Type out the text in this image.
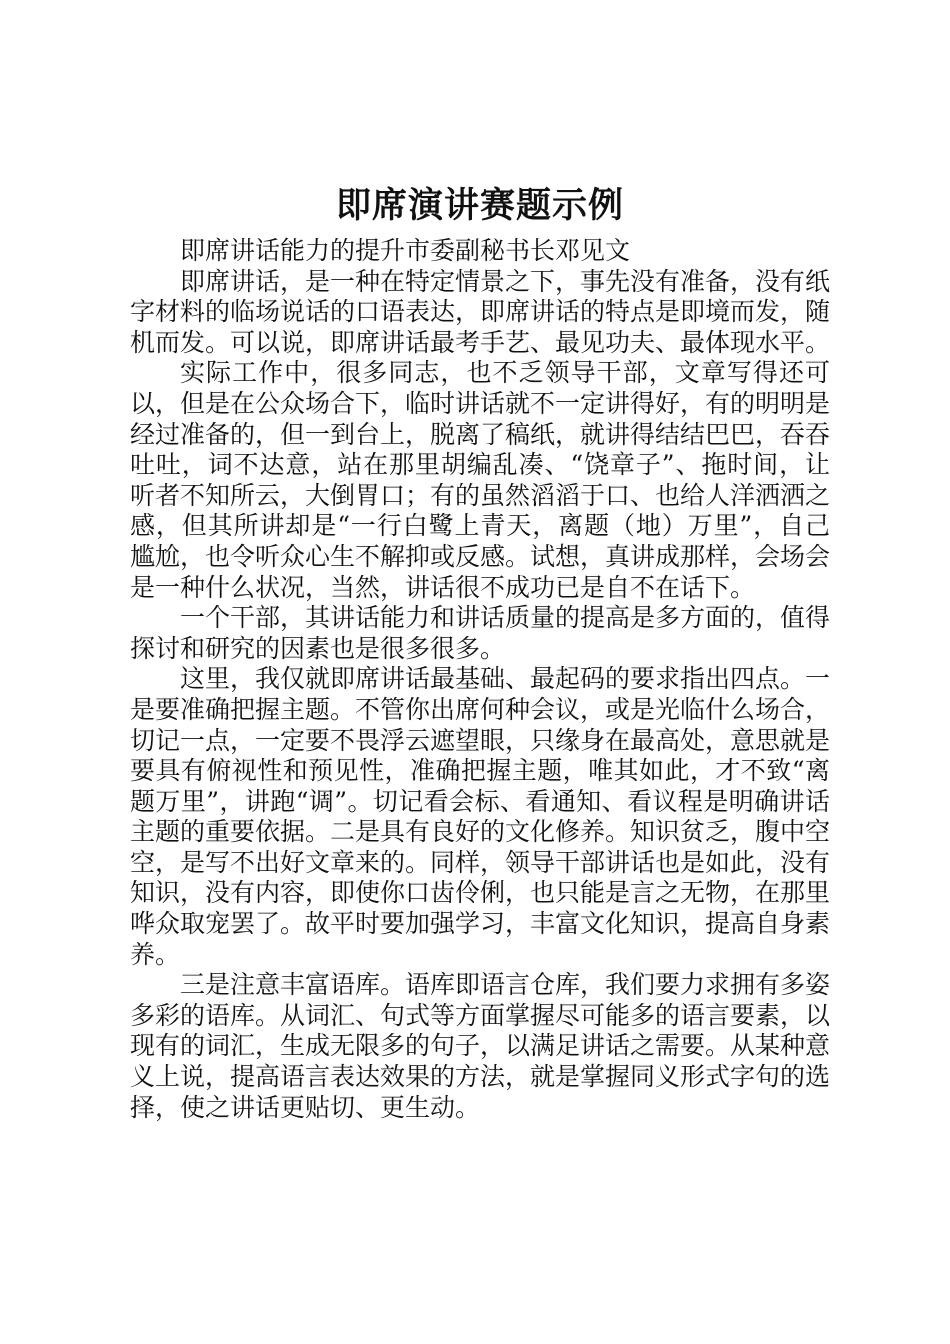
即席演讲赛题示例

即席讲话能力的提升市委副秘书长邓见文

即席讲话，是一种在特定情景之下，事先没有准备，没有纸字材料的临场说话的口语表达，即席讲话的特点是即境而发，随机而发。可以说，即席讲话最考手艺、最见功夫、最体现水平。

实际工作中，很多同志，也不乏领导干部，文章写得还可以，但是在公众场合下，临时讲话就不一定讲得好，有的明明是经过准备的，但一到台上，脱离了稿纸，就讲得结结巴巴，吞吞吐吐，词不达意，站在那里胡编乱凑、“饶章子”、拖时间，让听者不知所云，大倒胃口；有的虽然滔滔于口、也给人洋洒洒之感，但其所讲却是“一行白鹭上青天，离题（地）万里”，自己尴尬，也令听众心生不解抑或反感。试想，真讲成那样，会场会是一种什么状况，当然，讲话很不成功已是自不在话下。

一个干部，其讲话能力和讲话质量的提高是多方面的，值得探讨和研究的因素也是很多很多。

这里，我仅就即席讲话最基础、最起码的要求指出四点。一是要准确把握主题。不管你出席何种会议，或是光临什么场合，切记一点，一定要不畏浮云遮望眼，只缘身在最高处，意思就是要具有俯视性和预见性，准确把握主题，唯其如此，才不致“离题万里”，讲跑“调”。切记看会标、看通知、看议程是明确讲话主题的重要依据。二是具有良好的文化修养。知识贫乏，腹中空空，是写不出好文章来的。同样，领导干部讲话也是如此，没有知识，没有内容，即使你口齿伶俐，也只能是言之无物，在那里哗众取宠罢了。故平时要加强学习，丰富文化知识，提高自身素养。

三是注意丰富语库。语库即语言仓库，我们要力求拥有多姿多彩的语库。从词汇、句式等方面掌握尽可能多的语言要素，以现有的词汇，生成无限多的句子，以满足讲话之需要。从某种意义上说，提高语言表达效果的方法，就是掌握同义形式字句的选择，使之讲话更贴切、更生动。
